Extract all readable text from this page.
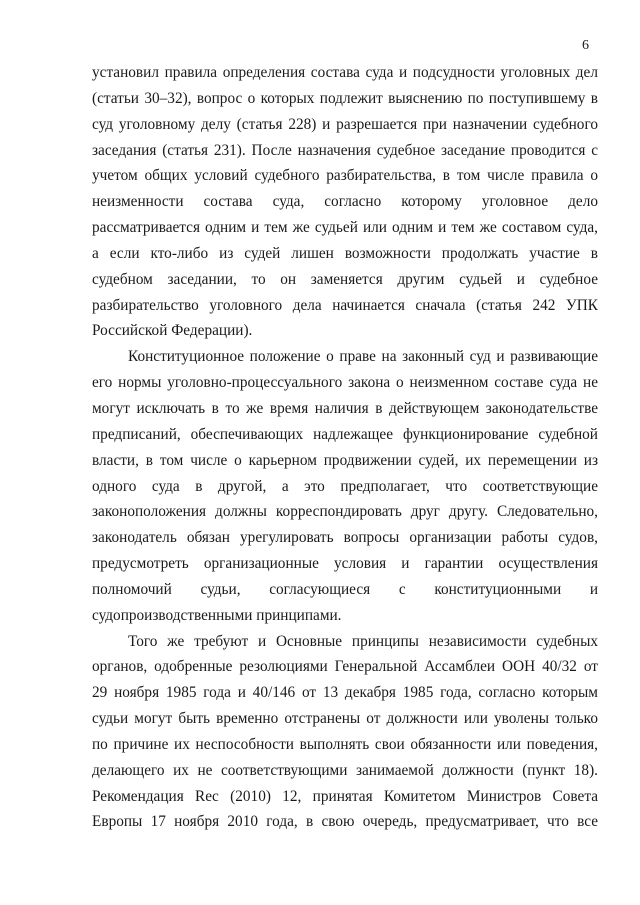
6
установил правила определения состава суда и подсудности уголовных дел
(статьи 30–32), вопрос о которых подлежит выяснению по поступившему в
суд уголовному делу (статья 228) и разрешается при назначении судебного
заседания (статья 231). После назначения судебное заседание проводится с
учетом общих условий судебного разбирательства, в том числе правила о
неизменности состава суда, согласно которому уголовное дело
рассматривается одним и тем же судьей или одним и тем же составом суда,
а если кто-либо из судей лишен возможности продолжать участие в
судебном заседании, то он заменяется другим судьей и судебное
разбирательство уголовного дела начинается сначала (статья 242 УПК
Российской Федерации).
Конституционное положение о праве на законный суд и развивающие
его нормы уголовно-процессуального закона о неизменном составе суда не
могут исключать в то же время наличия в действующем законодательстве
предписаний, обеспечивающих надлежащее функционирование судебной
власти, в том числе о карьерном продвижении судей, их перемещении из
одного суда в другой, а это предполагает, что соответствующие
законоположения должны корреспондировать друг другу. Следовательно,
законодатель обязан урегулировать вопросы организации работы судов,
предусмотреть организационные условия и гарантии осуществления
полномочий судьи, согласующиеся с конституционными и
судопроизводственными принципами.
Того же требуют и Основные принципы независимости судебных
органов, одобренные резолюциями Генеральной Ассамблеи ООН 40/32 от
29 ноября 1985 года и 40/146 от 13 декабря 1985 года, согласно которым
судьи могут быть временно отстранены от должности или уволены только
по причине их неспособности выполнять свои обязанности или поведения,
делающего их не соответствующими занимаемой должности (пункт 18).
Рекомендация Rec (2010) 12, принятая Комитетом Министров Совета
Европы 17 ноября 2010 года, в свою очередь, предусматривает, что все
